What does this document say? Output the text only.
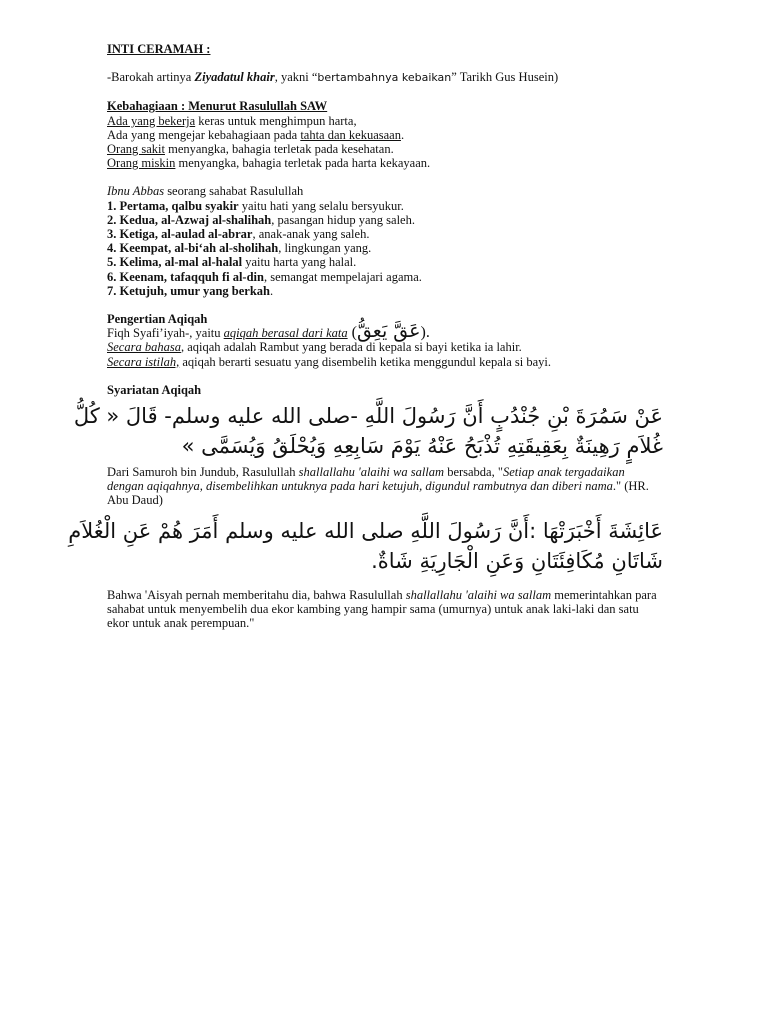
INTI CERAMAH :
-Barokah artinya Ziyadatul khair, yakni “bertambahnya kebaikan” Tarikh Gus Husein)
Kebahagiaan : Menurut Rasulullah SAW
Ada yang bekerja keras untuk menghimpun harta,
Ada yang mengejar kebahagiaan pada tahta dan kekuasaan.
Orang sakit menyangka, bahagia terletak pada kesehatan.
Orang miskin menyangka, bahagia terletak pada harta kekayaan.
Ibnu Abbas seorang sahabat Rasulullah
1. Pertama, qalbu syakir yaitu hati yang selalu bersyukur.
2. Kedua, al-Azwaj al-shalihah, pasangan hidup yang saleh.
3. Ketiga, al-aulad al-abrar, anak-anak yang saleh.
4. Keempat, al-bi‘ah al-sholihah, lingkungan yang.
5. Kelima, al-mal al-halal yaitu harta yang halal.
6. Keenam, tafaqquh fi al-din, semangat mempelajari agama.
7. Ketujuh, umur yang berkah.
Pengertian Aqiqah
Fiqh Syafi’iyah-, yaitu aqiqah berasal dari kata (عَقَّ يَعِقُّ).
Secara bahasa, aqiqah adalah Rambut yang berada di kepala si bayi ketika ia lahir.
Secara istilah, aqiqah berarti sesuatu yang disembelih ketika menggundul kepala si bayi.
Syariatan Aqiqah
عَنْ سَمُرَةَ بْنِ جُنْدُبٍ أَنَّ رَسُولَ اللَّهِ -صلى الله عليه وسلم- قَالَ « كُلُّ
غُلاَمٍ رَهِينَةٌ بِعَقِيقَتِهِ تُذْبَحُ عَنْهُ يَوْمَ سَابِعِهِ وَيُحْلَقُ وَيُسَمَّى »
Dari Samuroh bin Jundub, Rasulullah shallallahu 'alaihi wa sallam bersabda, "Setiap anak tergadaikan dengan aqiqahnya, disembelihkan untuknya pada hari ketujuh, digundul rambutnya dan diberi nama." (HR. Abu Daud)
عَائِشَةَ أَخْبَرَتْهَا :أَنَّ رَسُولَ اللَّهِ صلى الله عليه وسلم أَمَرَ هُمْ عَنِ الْغُلاَمِ
شَاتَانِ مُكَافِئَتَانِ وَعَنِ الْجَارِيَةِ شَاةٌ.
Bahwa 'Aisyah pernah memberitahu dia, bahwa Rasulullah shallallahu 'alaihi wa sallam memerintahkan para sahabat untuk menyembelih dua ekor kambing yang hampir sama (umurnya) untuk anak laki-laki dan satu ekor untuk anak perempuan."
